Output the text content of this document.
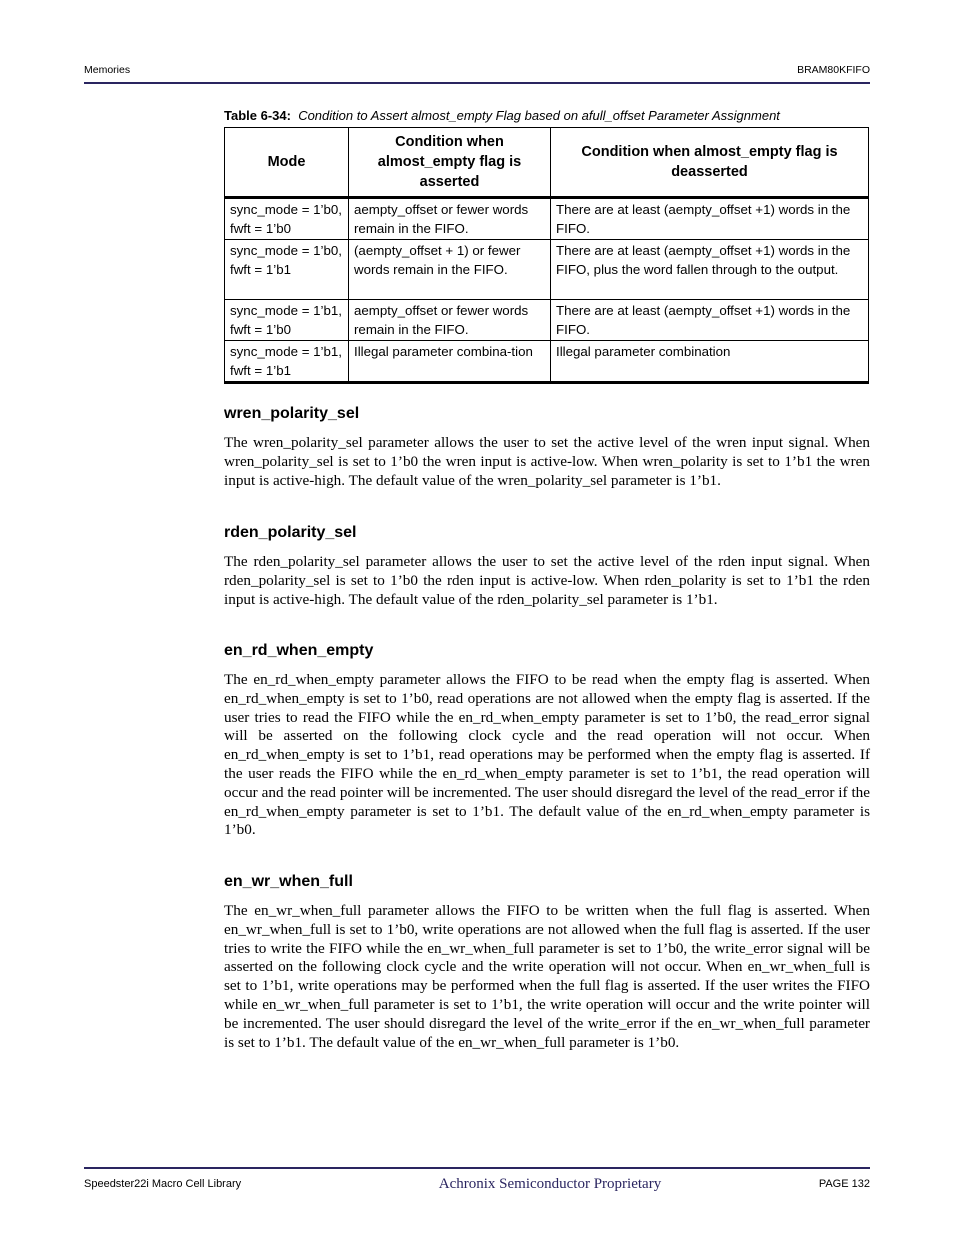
Memories	BRAM80KFIFO
Table 6-34: Condition to Assert almost_empty Flag based on afull_offset Parameter Assignment
Mode	Condition when almost_empty flag is asserted	Condition when almost_empty flag is deasserted
sync_mode = 1’b0, fwft = 1’b0	aempty_offset or fewer words remain in the FIFO.	There are at least (aempty_offset +1) words in the FIFO.
sync_mode = 1’b0, fwft = 1’b1	(aempty_offset + 1) or fewer words remain in the FIFO.	There are at least (aempty_offset +1) words in the FIFO, plus the word fallen through to the output.
sync_mode = 1’b1, fwft = 1’b0	aempty_offset or fewer words remain in the FIFO.	There are at least (aempty_offset +1) words in the FIFO.
sync_mode = 1’b1, fwft = 1’b1	Illegal parameter combina-tion	Illegal parameter combination
wren_polarity_sel

The wren_polarity_sel parameter allows the user to set the active level of the wren input signal. When wren_polarity_sel is set to 1’b0 the wren input is active-low. When wren_polarity is set to 1’b1 the wren input is active-high. The default value of the wren_polarity_sel parameter is 1’b1.

rden_polarity_sel

The rden_polarity_sel parameter allows the user to set the active level of the rden input signal. When rden_polarity_sel is set to 1’b0 the rden input is active-low. When rden_polarity is set to 1’b1 the rden input is active-high. The default value of the rden_polarity_sel parameter is 1’b1.

en_rd_when_empty

The en_rd_when_empty parameter allows the FIFO to be read when the empty flag is asserted. When en_rd_when_empty is set to 1’b0, read operations are not allowed when the empty flag is asserted. If the user tries to read the FIFO while the en_rd_when_empty parameter is set to 1’b0, the read_error signal will be asserted on the following clock cycle and the read operation will not occur. When en_rd_when_empty is set to 1’b1, read operations may be performed when the empty flag is asserted. If the user reads the FIFO while the en_rd_when_empty parameter is set to 1’b1, the read operation will occur and the read pointer will be incremented. The user should disregard the level of the read_error if the en_rd_when_empty parameter is set to 1’b1. The default value of the en_rd_when_empty parameter is 1’b0.

en_wr_when_full

The en_wr_when_full parameter allows the FIFO to be written when the full flag is asserted. When en_wr_when_full is set to 1’b0, write operations are not allowed when the full flag is asserted. If the user tries to write the FIFO while the en_wr_when_full parameter is set to 1’b0, the write_error signal will be asserted on the following clock cycle and the write operation will not occur. When en_wr_when_full is set to 1’b1, write operations may be performed when the full flag is asserted. If the user writes the FIFO while en_wr_when_full parameter is set to 1’b1, the write operation will occur and the write pointer will be incremented. The user should disregard the level of the write_error if the en_wr_when_full parameter is set to 1’b1. The default value of the en_wr_when_full parameter is 1’b0.

Speedster22i Macro Cell Library	Achronix Semiconductor Proprietary	PAGE 132
